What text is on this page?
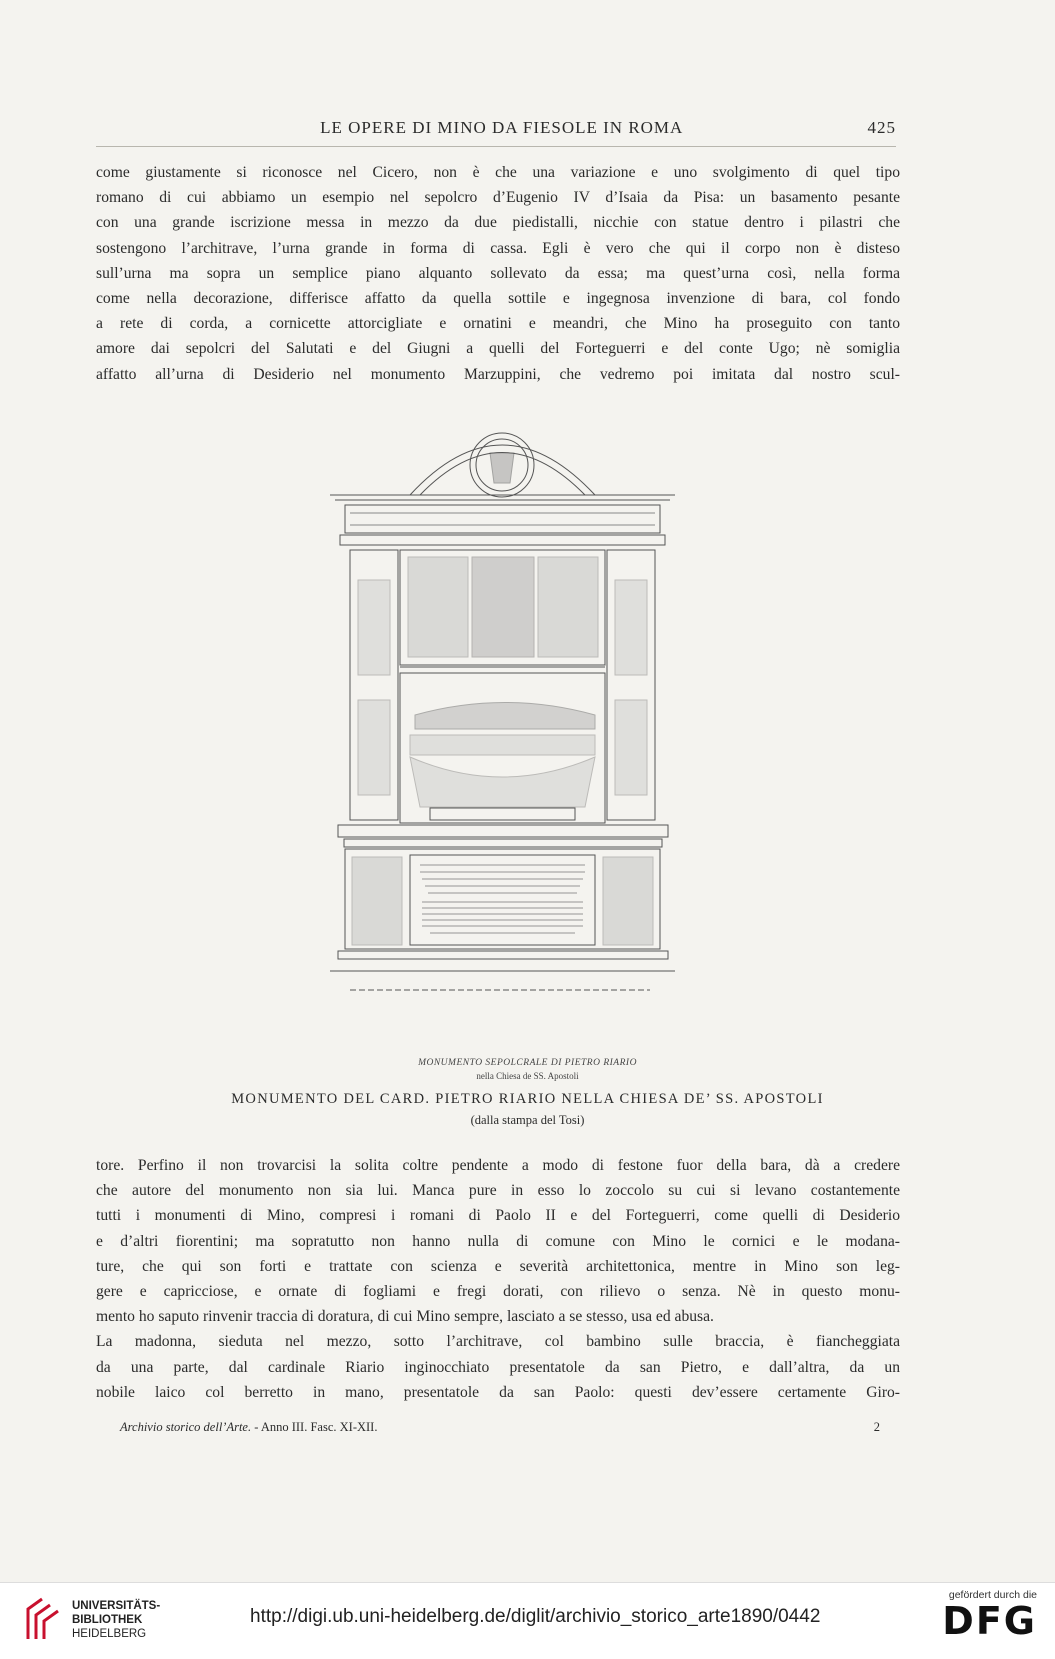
LE OPERE DI MINO DA FIESOLE IN ROMA	425
come giustamente si riconosce nel Cicero, non è che una variazione e uno svolgimento di quel tipo
romano di cui abbiamo un esempio nel sepolcro d’Eugenio IV d’Isaia da Pisa: un basamento pesante
con una grande iscrizione messa in mezzo da due piedistalli, nicchie con statue dentro i pilastri che
sostengono l’architrave, l’urna grande in forma di cassa. Egli è vero che qui il corpo non è disteso
sull’urna ma sopra un semplice piano alquanto sollevato da essa; ma quest’urna così, nella forma
come nella decorazione, differisce affatto da quella sottile e ingegnosa invenzione di bara, col fondo
a rete di corda, a cornicette attorcigliate e ornatini e meandri, che Mino ha proseguito con tanto
amore dai sepolcri del Salutati e del Giugni a quelli del Forteguerri e del conte Ugo; nè somiglia
affatto all’urna di Desiderio nel monumento Marzuppini, che vedremo poi imitata dal nostro scul-
MONUMENTO SEPOLCRALE DI PIETRO RIARIO
nella Chiesa de SS. Apostoli
MONUMENTO DEL CARD. PIETRO RIARIO NELLA CHIESA DE’ SS. APOSTOLI
(dalla stampa del Tosi)
tore. Perfino il non trovarcisi la solita coltre pendente a modo di festone fuor della bara, dà a credere
che autore del monumento non sia lui. Manca pure in esso lo zoccolo su cui si levano costantemente
tutti i monumenti di Mino, compresi i romani di Paolo II e del Forteguerri, come quelli di Desiderio
e d’altri fiorentini; ma sopratutto non hanno nulla di comune con Mino le cornici e le modana-
ture, che qui son forti e trattate con scienza e severità architettonica, mentre in Mino son leg-
gere e capricciose, e ornate di fogliami e fregi dorati, con rilievo o senza. Nè in questo monu-
mento ho saputo rinvenir traccia di doratura, di cui Mino sempre, lasciato a se stesso, usa ed abusa.
La madonna, sieduta nel mezzo, sotto l’architrave, col bambino sulle braccia, è fiancheggiata
da una parte, dal cardinale Riario inginocchiato presentatole da san Pietro, e dall’altra, da un
nobile laico col berretto in mano, presentatole da san Paolo: questi dev’essere certamente Giro-
Archivio storico dell’Arte. - Anno III. Fasc. XI-XII.	2
UNIVERSITÄTS-
BIBLIOTHEK
HEIDELBERG
http://digi.ub.uni-heidelberg.de/diglit/archivio_storico_arte1890/0442
gefördert durch die
DFG
